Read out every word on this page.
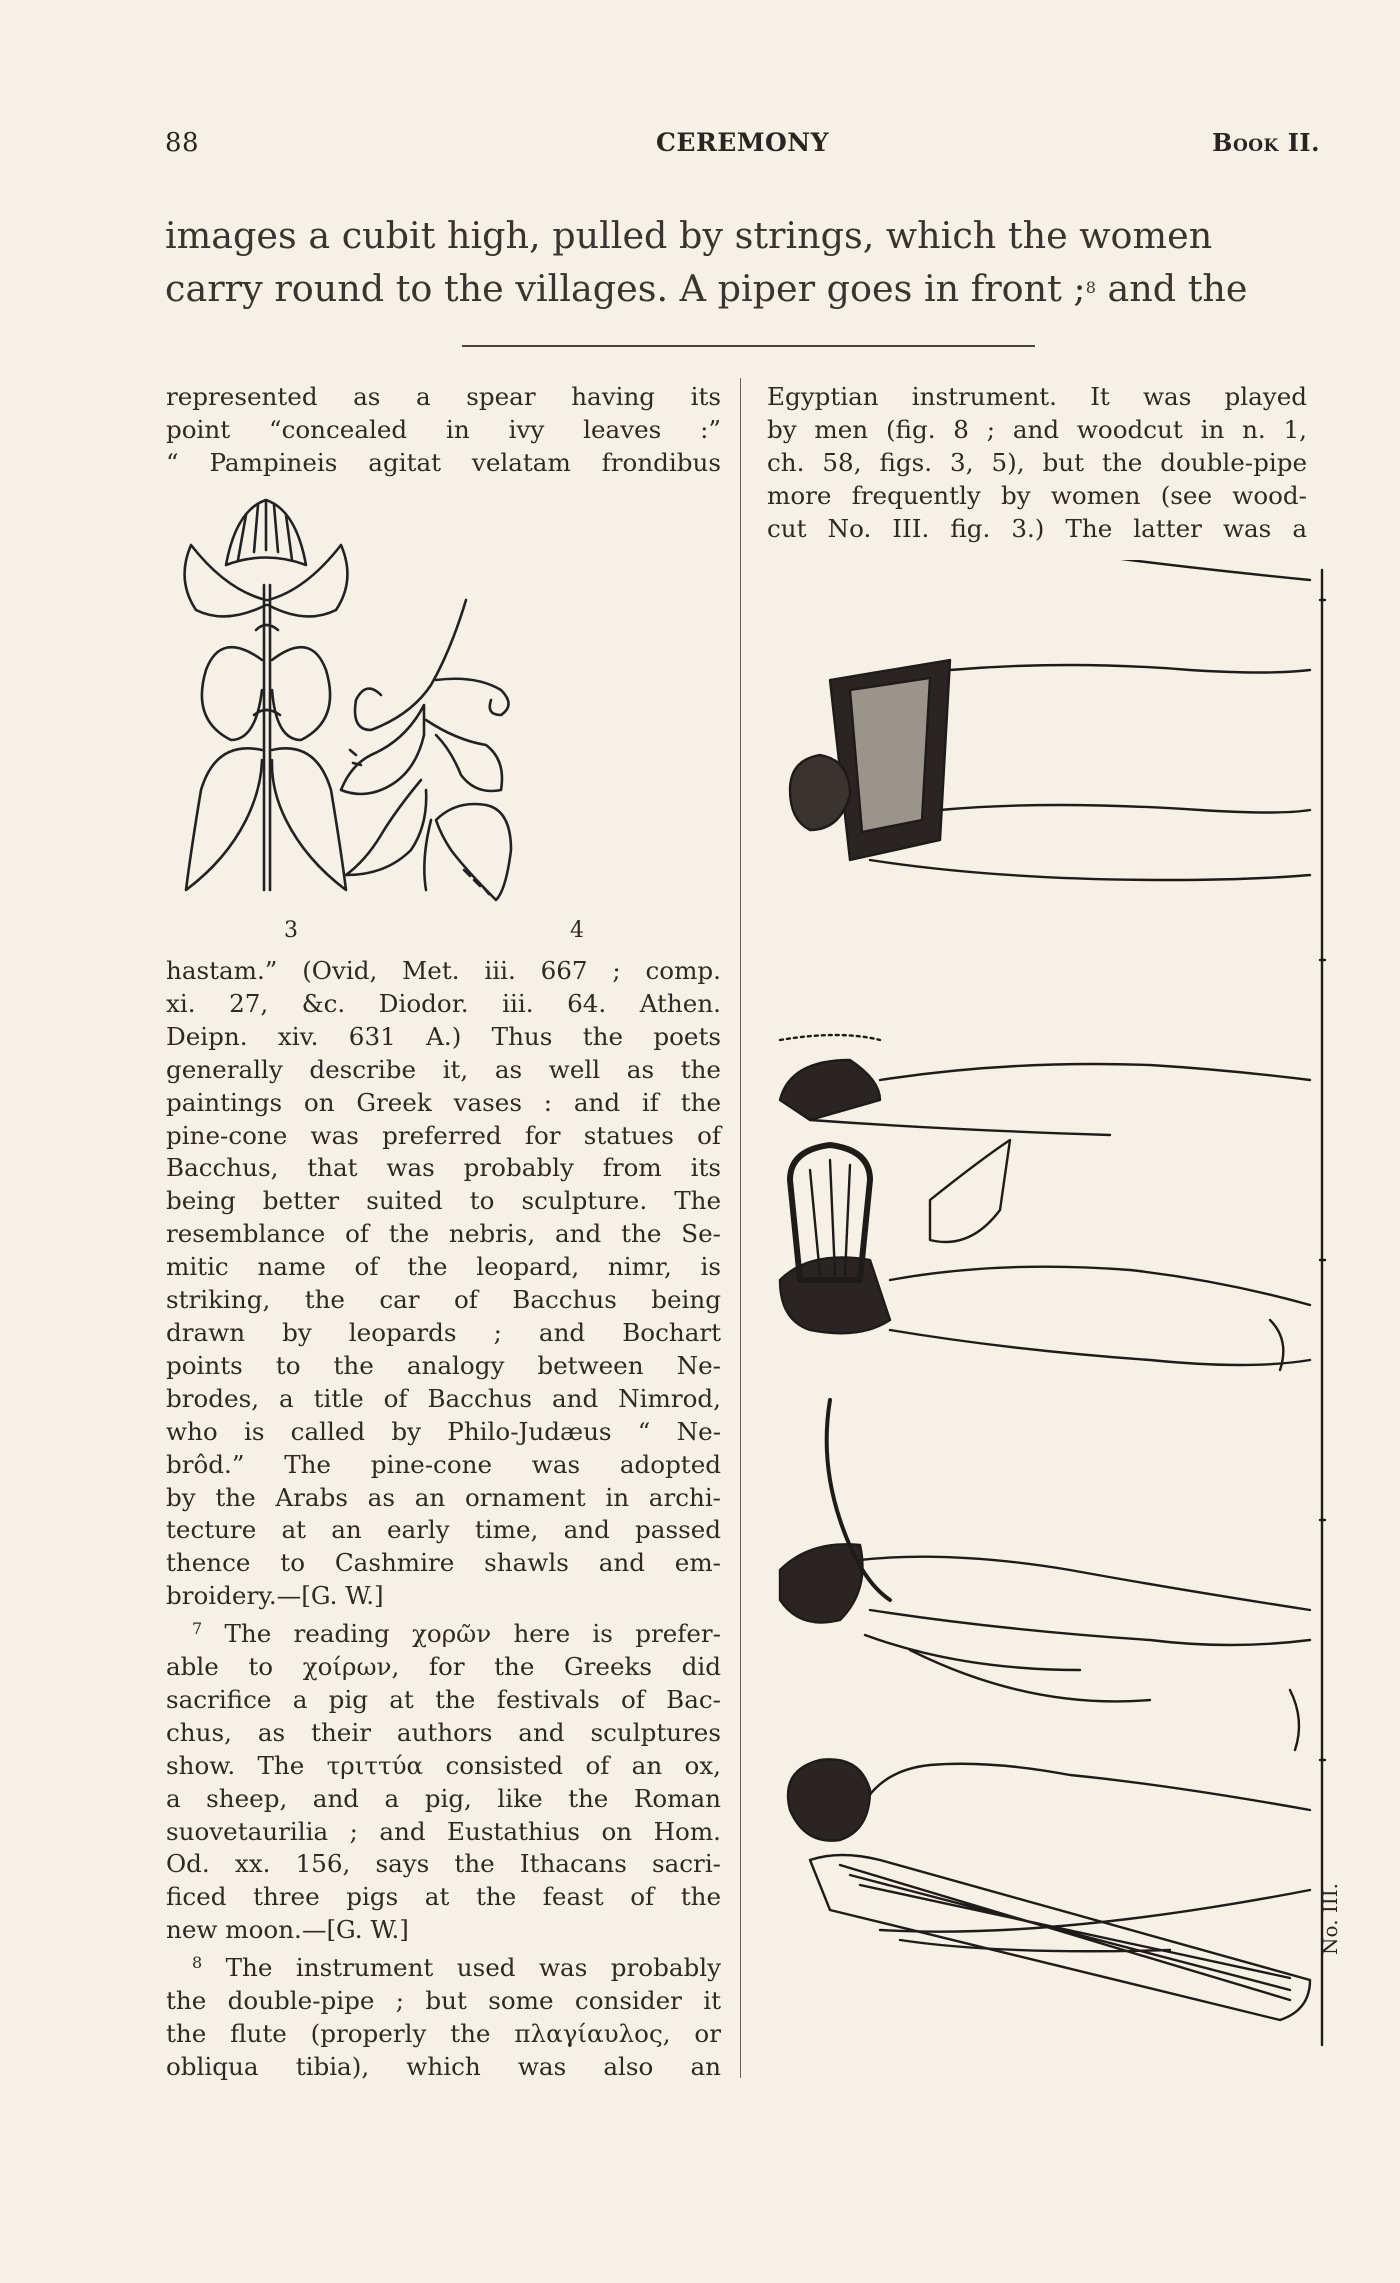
88	CEREMONY	Book II.
images a cubit high, pulled by strings, which the women
carry round to the villages. A piper goes in front ;$^8$ and the

represented as a spear having its

point “concealed in ivy leaves :”

“ Pampineis agitat velatam frondibus

3	4

hastam.” (Ovid, Met. iii. 667 ; comp.

xi. 27, &c. Diodor. iii. 64. Athen.

Deipn. xiv. 631 A.) Thus the poets

generally describe it, as well as the

paintings on Greek vases : and if the

pine-cone was preferred for statues of

Bacchus, that was probably from its

being better suited to sculpture. The

resemblance of the nebris, and the Se-

mitic name of the leopard, nimr, is

striking, the car of Bacchus being

drawn by leopards ; and Bochart

points to the analogy between Ne-

brodes, a title of Bacchus and Nimrod,

who is called by Philo-Judæus “ Ne-

brôd.” The pine-cone was adopted

by the Arabs as an ornament in archi-

tecture at an early time, and passed

thence to Cashmire shawls and em-

broidery.—[G. W.]

$^7$ The reading χορῶν here is prefer-

able to χοίρων, for the Greeks did

sacrifice a pig at the festivals of Bac-

chus, as their authors and sculptures

show. The τριττύα consisted of an ox,

a sheep, and a pig, like the Roman

suovetaurilia ; and Eustathius on Hom.

Od. xx. 156, says the Ithacans sacri-

ficed three pigs at the feast of the

new moon.—[G. W.]

$^8$ The instrument used was probably

the double-pipe ; but some consider it

the flute (properly the πλαγίαυλος, or

obliqua tibia), which was also an

Egyptian instrument. It was played

by men (fig. 8 ; and woodcut in n. 1,

ch. 58, figs. 3, 5), but the double-pipe

more frequently by women (see wood-

cut No. III. fig. 3.) The latter was a

No. III.
